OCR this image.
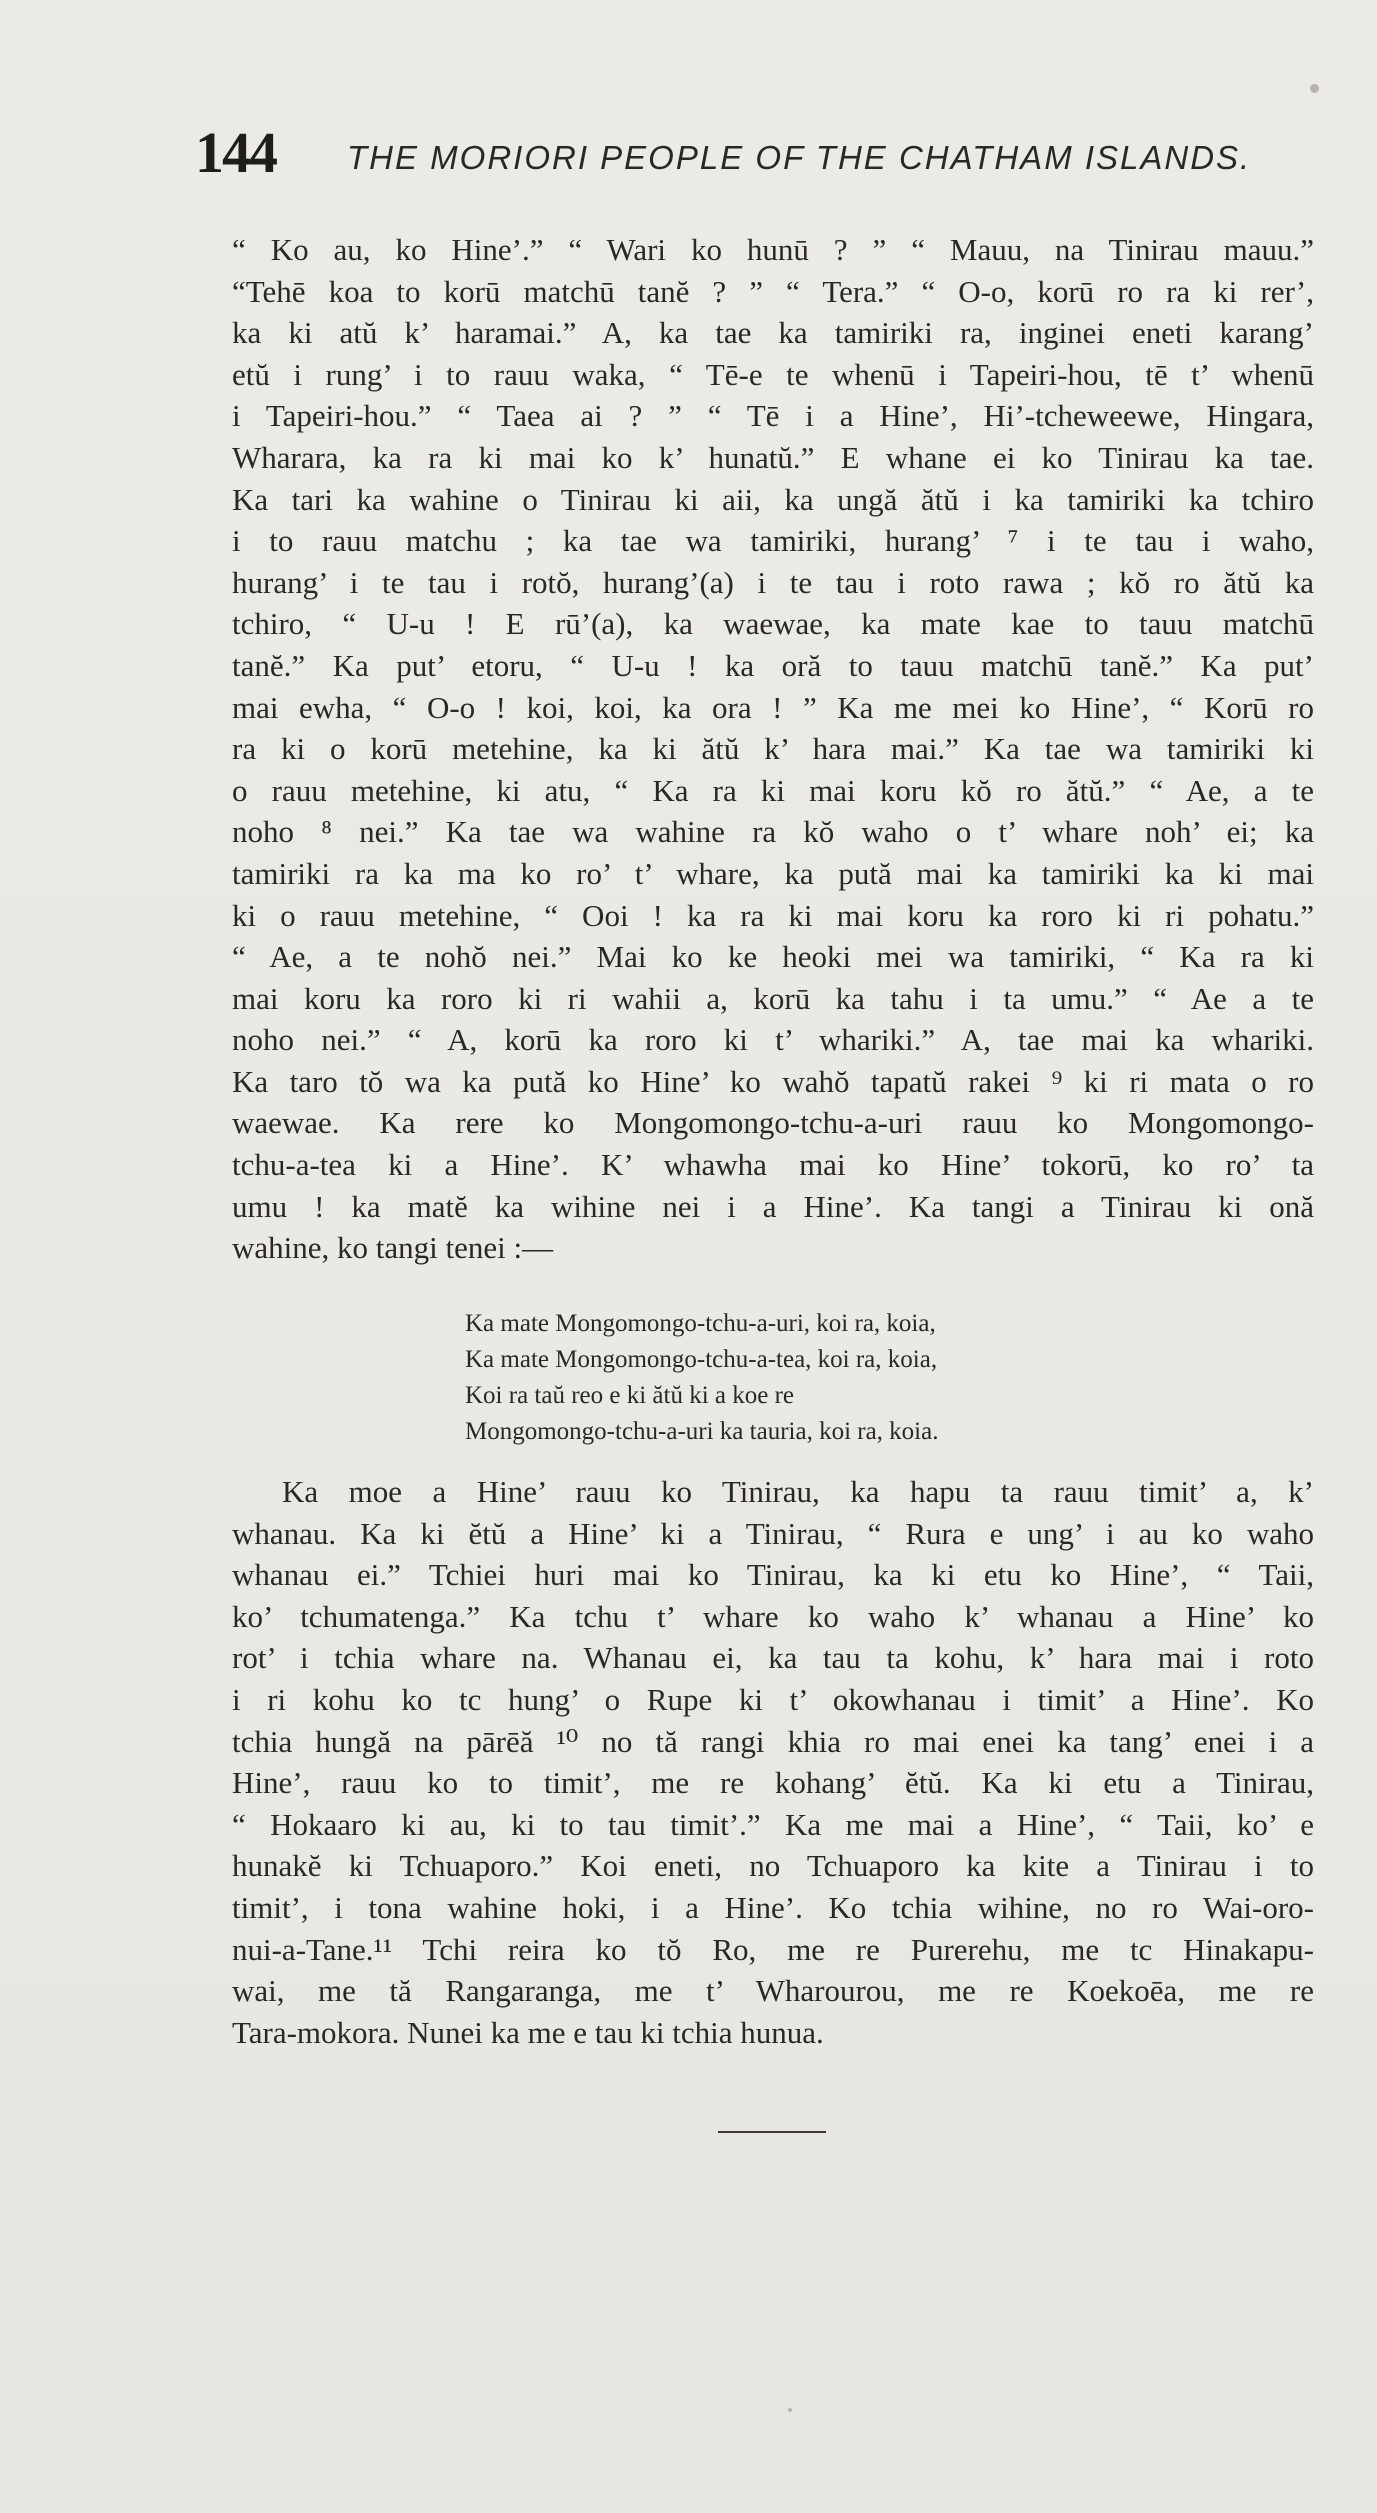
144 THE MORIORI PEOPLE OF THE CHATHAM ISLANDS.
“ Ko au, ko Hine’.” “ Wari ko hunū ? ” “ Mauu, na Tinirau mauu.”
“Tehē koa to korū matchū tanĕ ? ” “ Tera.” “ O-o, korū ro ra ki rer’,
ka ki atŭ k’ haramai.” A, ka tae ka tamiriki ra, inginei eneti karang’
etŭ i rung’ i to rauu waka, “ Tē-e te whenū i Tapeiri-hou, tē t’ whenū
i Tapeiri-hou.” “ Taea ai ? ” “ Tē i a Hine’, Hi’-tcheweewe, Hingara,
Wharara, ka ra ki mai ko k’ hunatŭ.” E whane ei ko Tinirau ka tae.
Ka tari ka wahine o Tinirau ki aii, ka ungă ătŭ i ka tamiriki ka tchiro
i to rauu matchu ; ka tae wa tamiriki, hurang’ ⁷ i te tau i waho,
hurang’ i te tau i rotŏ, hurang’(a) i te tau i roto rawa ; kŏ ro ătŭ ka
tchiro, “ U-u ! E rū’(a), ka waewae, ka mate kae to tauu matchū
tanĕ.” Ka put’ etoru, “ U-u ! ka oră to tauu matchū tanĕ.” Ka put’
mai ewha, “ O-o ! koi, koi, ka ora ! ” Ka me mei ko Hine’, “ Korū ro
ra ki o korū metehine, ka ki ătŭ k’ hara mai.” Ka tae wa tamiriki ki
o rauu metehine, ki atu, “ Ka ra ki mai koru kŏ ro ătŭ.” “ Ae, a te
noho ⁸ nei.” Ka tae wa wahine ra kŏ waho o t’ whare noh’ ei; ka
tamiriki ra ka ma ko ro’ t’ whare, ka pută mai ka tamiriki ka ki mai
ki o rauu metehine, “ Ooi ! ka ra ki mai koru ka roro ki ri pohatu.”
“ Ae, a te nohŏ nei.” Mai ko ke heoki mei wa tamiriki, “ Ka ra ki
mai koru ka roro ki ri wahii a, korū ka tahu i ta umu.” “ Ae a te
noho nei.” “ A, korū ka roro ki t’ whariki.” A, tae mai ka whariki.
Ka taro tŏ wa ka pută ko Hine’ ko wahŏ tapatŭ rakei ⁹ ki ri mata o ro
waewae. Ka rere ko Mongomongo-tchu-a-uri rauu ko Mongomongo-
tchu-a-tea ki a Hine’. K’ whawha mai ko Hine’ tokorū, ko ro’ ta
umu ! ka matĕ ka wihine nei i a Hine’. Ka tangi a Tinirau ki onă
wahine, ko tangi tenei :—
Ka mate Mongomongo-tchu-a-uri, koi ra, koia,
Ka mate Mongomongo-tchu-a-tea, koi ra, koia,
Koi ra taŭ reo e ki ătŭ ki a koe re
Mongomongo-tchu-a-uri ka tauria, koi ra, koia.
Ka moe a Hine’ rauu ko Tinirau, ka hapu ta rauu timit’ a, k’
whanau. Ka ki ĕtŭ a Hine’ ki a Tinirau, “ Rura e ung’ i au ko waho
whanau ei.” Tchiei huri mai ko Tinirau, ka ki etu ko Hine’, “ Taii,
ko’ tchumatenga.” Ka tchu t’ whare ko waho k’ whanau a Hine’ ko
rot’ i tchia whare na. Whanau ei, ka tau ta kohu, k’ hara mai i roto
i ri kohu ko tc hung’ o Rupe ki t’ okowhanau i timit’ a Hine’. Ko
tchia hungă na pārēă ¹⁰ no tă rangi khia ro mai enei ka tang’ enei i a
Hine’, rauu ko to timit’, me re kohang’ ĕtŭ. Ka ki etu a Tinirau,
“ Hokaaro ki au, ki to tau timit’.” Ka me mai a Hine’, “ Taii, ko’ e
hunakĕ ki Tchuaporo.” Koi eneti, no Tchuaporo ka kite a Tinirau i to
timit’, i tona wahine hoki, i a Hine’. Ko tchia wihine, no ro Wai-oro-
nui-a-Tane.¹¹ Tchi reira ko tŏ Ro, me re Purerehu, me tc Hinakapu-
wai, me tă Rangaranga, me t’ Wharourou, me re Koekoēa, me re
Tara-mokora. Nunei ka me e tau ki tchia hunua.
